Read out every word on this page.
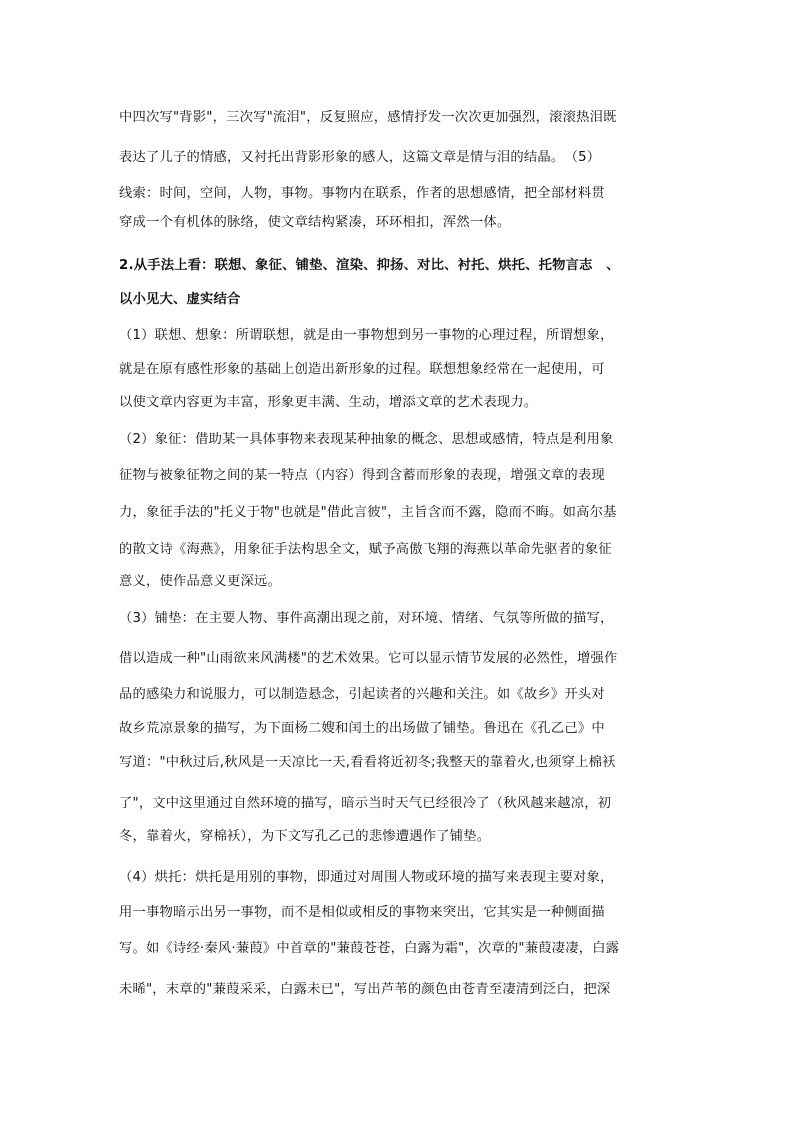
中四次写"背影"，三次写"流泪"，反复照应，感情抒发一次次更加强烈，滚滚热泪既
表达了儿子的情感，又衬托出背影形象的感人，这篇文章是情与泪的结晶。　（5）
线索：时间，空间，人物，事物。事物内在联系，作者的思想感情，把全部材料贯
穿成一个有机体的脉络，使文章结构紧凑，环环相扣，浑然一体。
2.从手法上看：联想、象征、铺垫、渲染、抑扬、对比、衬托、烘托、托物言志　、
以小见大、虚实结合
（1）联想、想象：所谓联想，就是由一事物想到另一事物的心理过程，所谓想象，
就是在原有感性形象的基础上创造出新形象的过程。联想想象经常在一起使用，可
以使文章内容更为丰富，形象更丰满、生动，增添文章的艺术表现力。
（2）象征：借助某一具体事物来表现某种抽象的概念、思想或感情，特点是利用象
征物与被象征物之间的某一特点（内容）得到含蓄而形象的表现，增强文章的表现
力，象征手法的"托义于物"也就是"借此言彼"，主旨含而不露，隐而不晦。如高尔基
的散文诗《海燕》，用象征手法构思全文，赋予高傲飞翔的海燕以革命先驱者的象征
意义，使作品意义更深远。
（3）铺垫：在主要人物、事件高潮出现之前，对环境、情绪、气氛等所做的描写，
借以造成一种"山雨欲来风满楼"的艺术效果。它可以显示情节发展的必然性，增强作
品的感染力和说服力，可以制造悬念，引起读者的兴趣和关注。如《故乡》开头对
故乡荒凉景象的描写，为下面杨二嫂和闰土的出场做了铺垫。鲁迅在《孔乙己》中
写道："中秋过后,秋风是一天凉比一天,看看将近初冬;我整天的靠着火,也须穿上棉袄
了"，文中这里通过自然环境的描写，暗示当时天气已经很冷了（秋风越来越凉，初
冬，靠着火，穿棉袄），为下文写孔乙己的悲惨遭遇作了铺垫。
（4）烘托：烘托是用别的事物，即通过对周围人物或环境的描写来表现主要对象，
用一事物暗示出另一事物，而不是相似或相反的事物来突出，它其实是一种侧面描
写。如《诗经·秦风·蒹葭》中首章的"蒹葭苍苍，白露为霜"，次章的"蒹葭凄凄，白露
未晞"，末章的"蒹葭采采，白露未已"，写出芦苇的颜色由苍青至凄清到泛白，把深
